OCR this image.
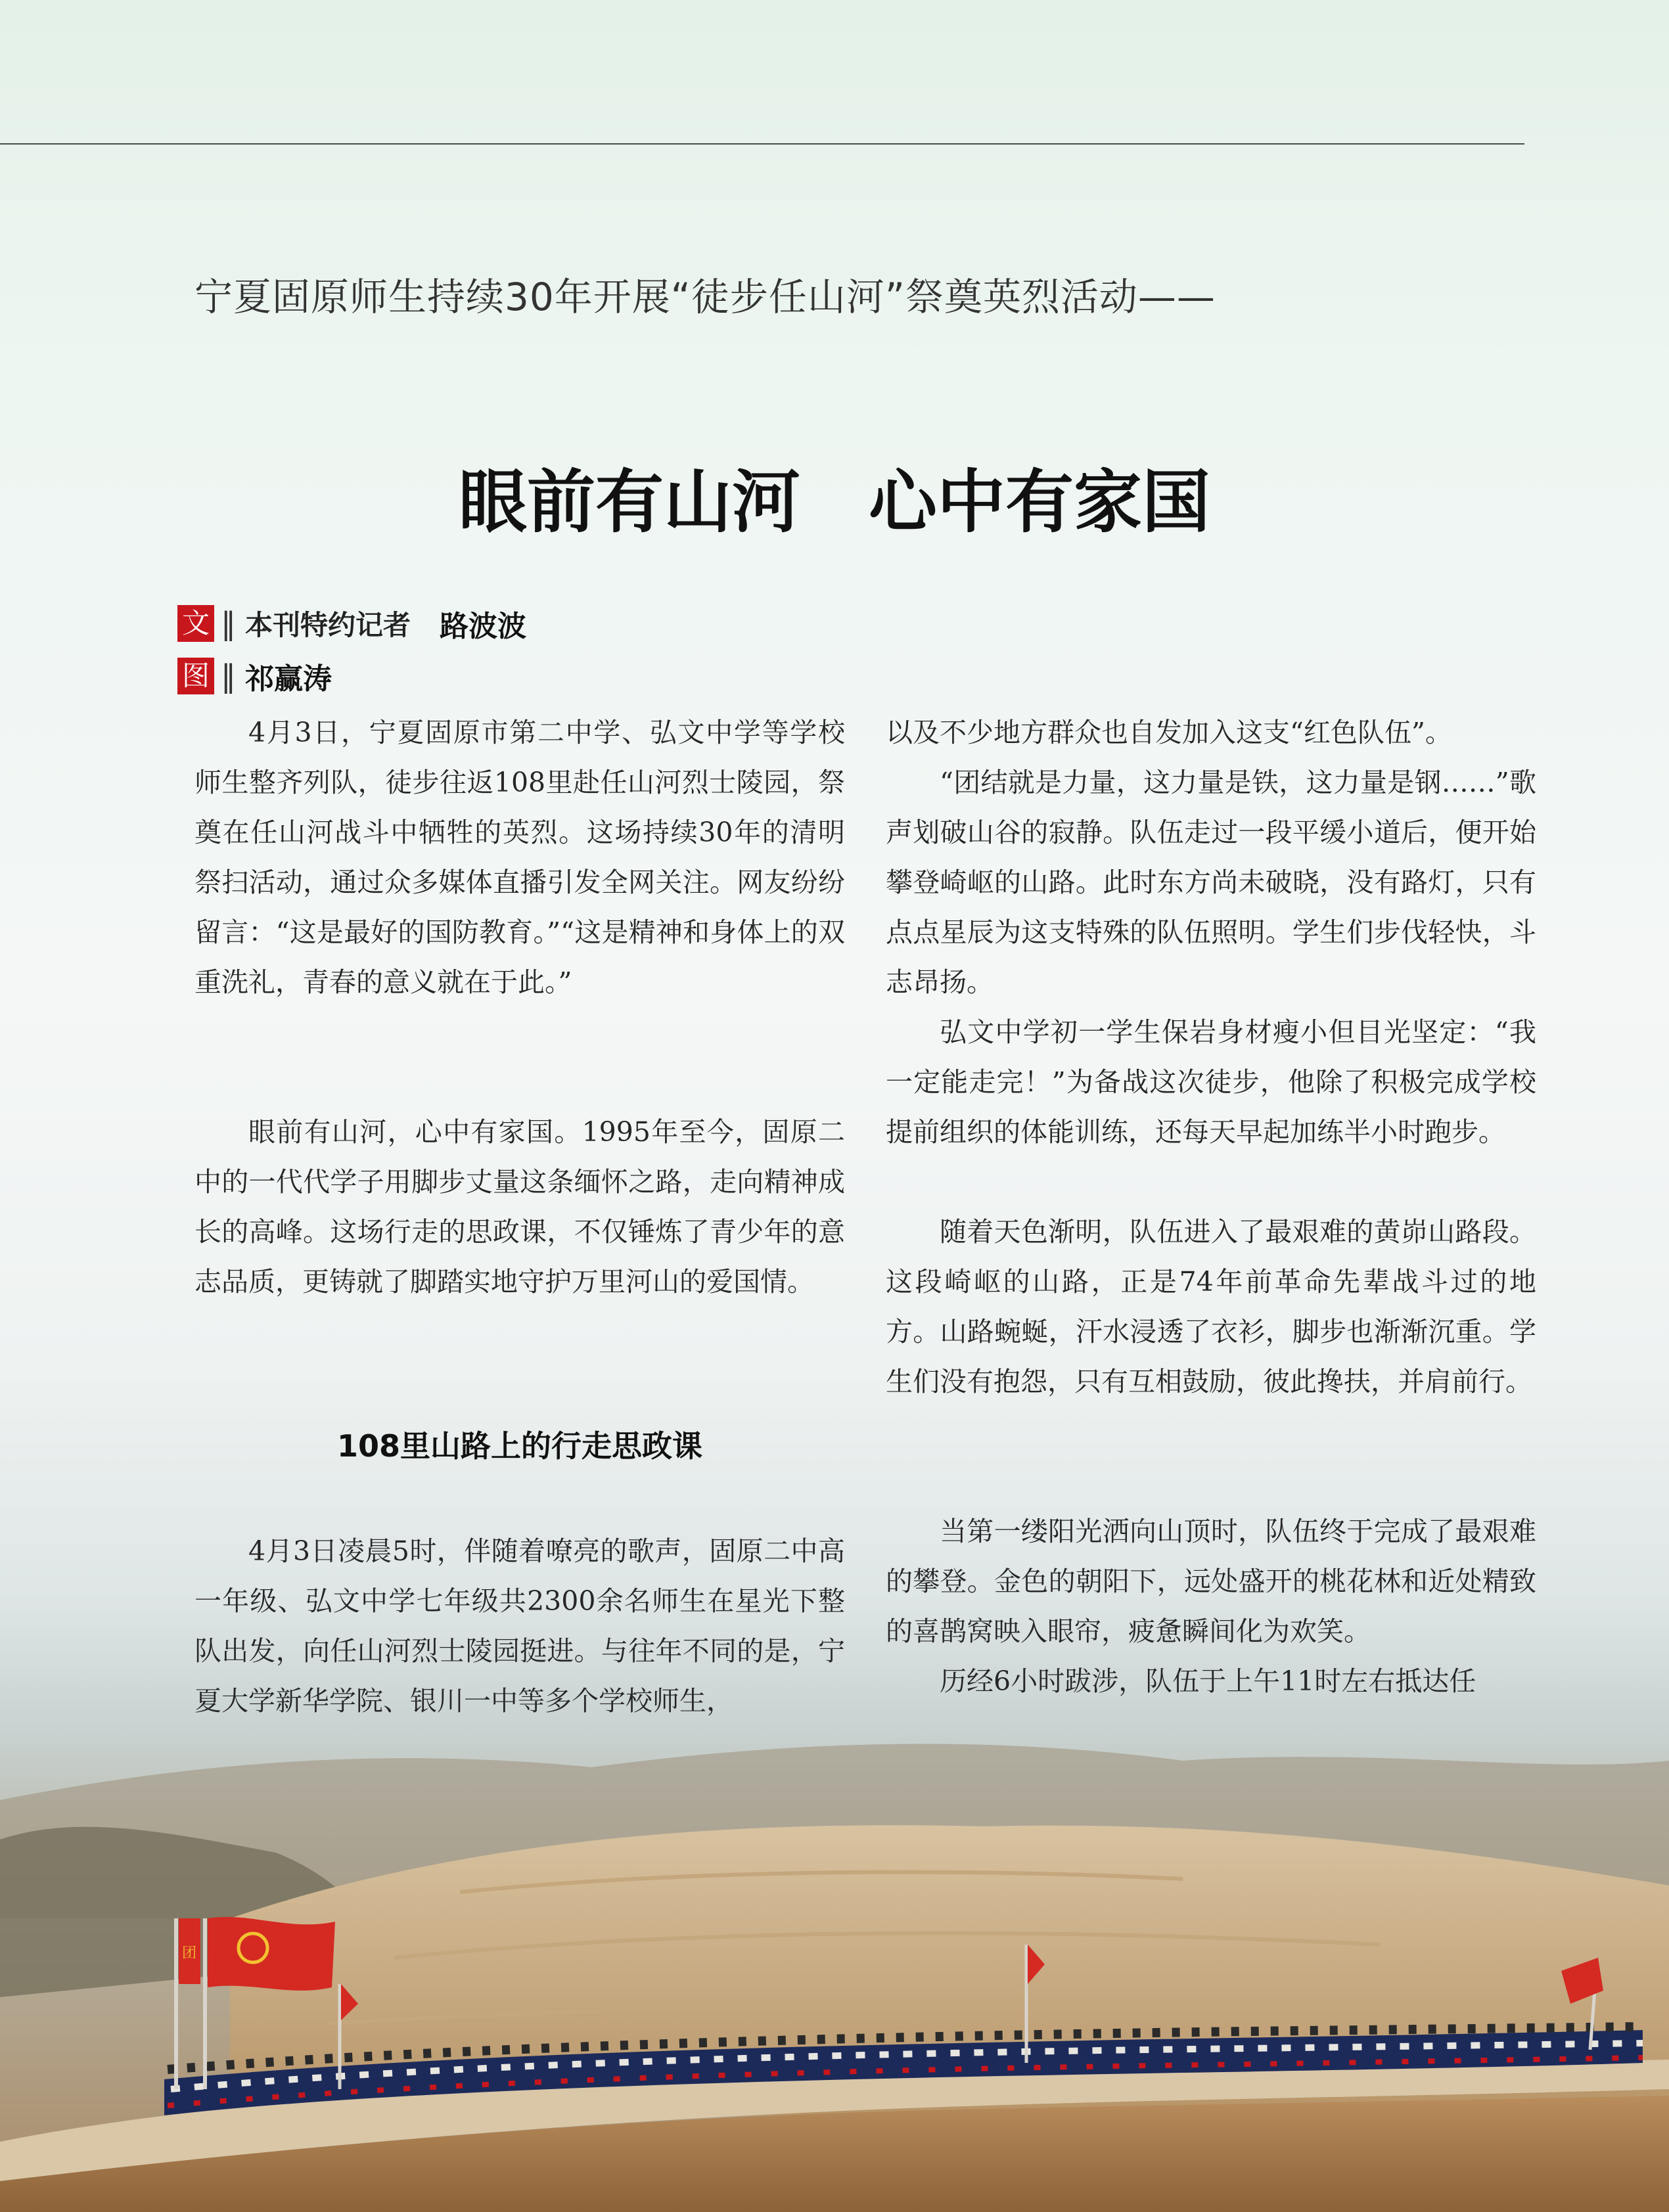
宁夏固原师生持续30年开展“徒步任山河”祭奠英烈活动——
眼前有山河　心中有家国
文 ‖ 本刊特约记者 路波波
图 ‖ 祁赢涛

4月3日，宁夏固原市第二中学、弘文中学等学校师生整齐列队，徒步往返108里赴任山河烈士陵园，祭奠在任山河战斗中牺牲的英烈。这场持续30年的清明祭扫活动，通过众多媒体直播引发全网关注。网友纷纷留言：“这是最好的国防教育。”“这是精神和身体上的双重洗礼，青春的意义就在于此。”

眼前有山河，心中有家国。1995年至今，固原二中的一代代学子用脚步丈量这条缅怀之路，走向精神成长的高峰。这场行走的思政课，不仅锤炼了青少年的意志品质，更铸就了脚踏实地守护万里河山的爱国情。

108里山路上的行走思政课

4月3日凌晨5时，伴随着嘹亮的歌声，固原二中高一年级、弘文中学七年级共2300余名师生在星光下整队出发，向任山河烈士陵园挺进。与往年不同的是，宁夏大学新华学院、银川一中等多个学校师生，

以及不少地方群众也自发加入这支“红色队伍”。

“团结就是力量，这力量是铁，这力量是钢……”歌声划破山谷的寂静。队伍走过一段平缓小道后，便开始攀登崎岖的山路。此时东方尚未破晓，没有路灯，只有点点星辰为这支特殊的队伍照明。学生们步伐轻快，斗志昂扬。

弘文中学初一学生保岩身材瘦小但目光坚定：“我一定能走完！”为备战这次徒步，他除了积极完成学校提前组织的体能训练，还每天早起加练半小时跑步。

随着天色渐明，队伍进入了最艰难的黄峁山路段。这段崎岖的山路，正是74年前革命先辈战斗过的地方。山路蜿蜒，汗水浸透了衣衫，脚步也渐渐沉重。学生们没有抱怨，只有互相鼓励，彼此搀扶，并肩前行。

当第一缕阳光洒向山顶时，队伍终于完成了最艰难的攀登。金色的朝阳下，远处盛开的桃花林和近处精致的喜鹊窝映入眼帘，疲惫瞬间化为欢笑。

历经6小时跋涉，队伍于上午11时左右抵达任

团
